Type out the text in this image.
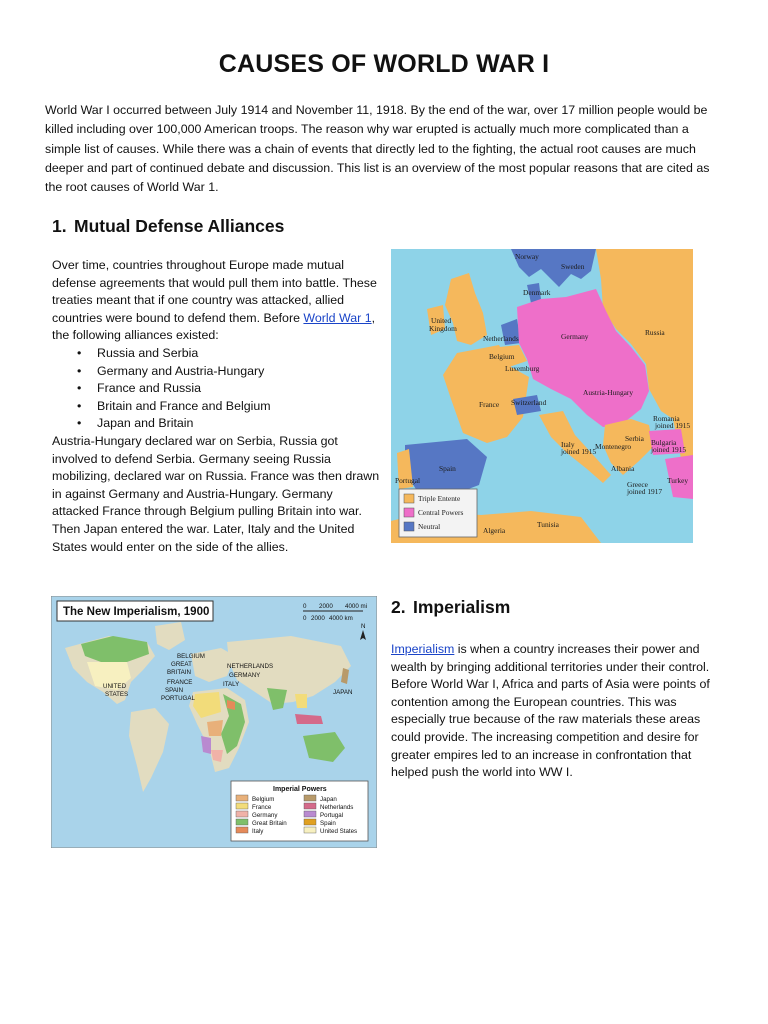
CAUSES OF WORLD WAR I

World War I occurred between July 1914 and November 11, 1918. By the end of the war, over 17 million people would be killed including over 100,000 American troops. The reason why war erupted is actually much more complicated than a simple list of causes. While there was a chain of events that directly led to the fighting, the actual root causes are much deeper and part of continued debate and discussion. This list is an overview of the most popular reasons that are cited as the root causes of World War 1.

1. Mutual Defense Alliances
Over time, countries throughout Europe made mutual defense agreements that would pull them into battle. These treaties meant that if one country was attacked, allied countries were bound to defend them. Before World War 1, the following alliances existed:
• Russia and Serbia
• Germany and Austria-Hungary
• France and Russia
• Britain and France and Belgium
• Japan and Britain
Austria-Hungary declared war on Serbia, Russia got involved to defend Serbia. Germany seeing Russia mobilizing, declared war on Russia. France was then drawn in against Germany and Austria-Hungary. Germany attacked France through Belgium pulling Britain into war. Then Japan entered the war. Later, Italy and the United States would enter on the side of the allies.
Norway
Sweden
Denmark
United
Kingdom
Netherlands
Belgium
Luxemburg
Germany	Russia
France Switzerland
Austria-Hungary
Romania
joined 1915
Italy
joined 1915
Montenegro
Serbia Bulgaria
joined 1915
Portugal
Spain	Albania
Greece
joined 1917
Turkey
Algeria
Tunisia
Triple Entente
Central Powers
Neutral
The New Imperialism, 1900	0 2000 4000 mi
0 2000 4000 km
N
BELGIUM
GREAT
BRITAIN
NETHERLANDS
GERMANY
ITALY
FRANCE
SPAIN
PORTUGAL
UNITED
STATES	JAPAN
Imperial Powers
Belgium
France
Germany
Great Britain
Italy
Japan
Netherlands
Portugal
Spain
United States
2. Imperialism
Imperialism is when a country increases their power and wealth by bringing additional territories under their control. Before World War I, Africa and parts of Asia were points of contention among the European countries. This was especially true because of the raw materials these areas could provide. The increasing competition and desire for greater empires led to an increase in confrontation that helped push the world into WW I.
